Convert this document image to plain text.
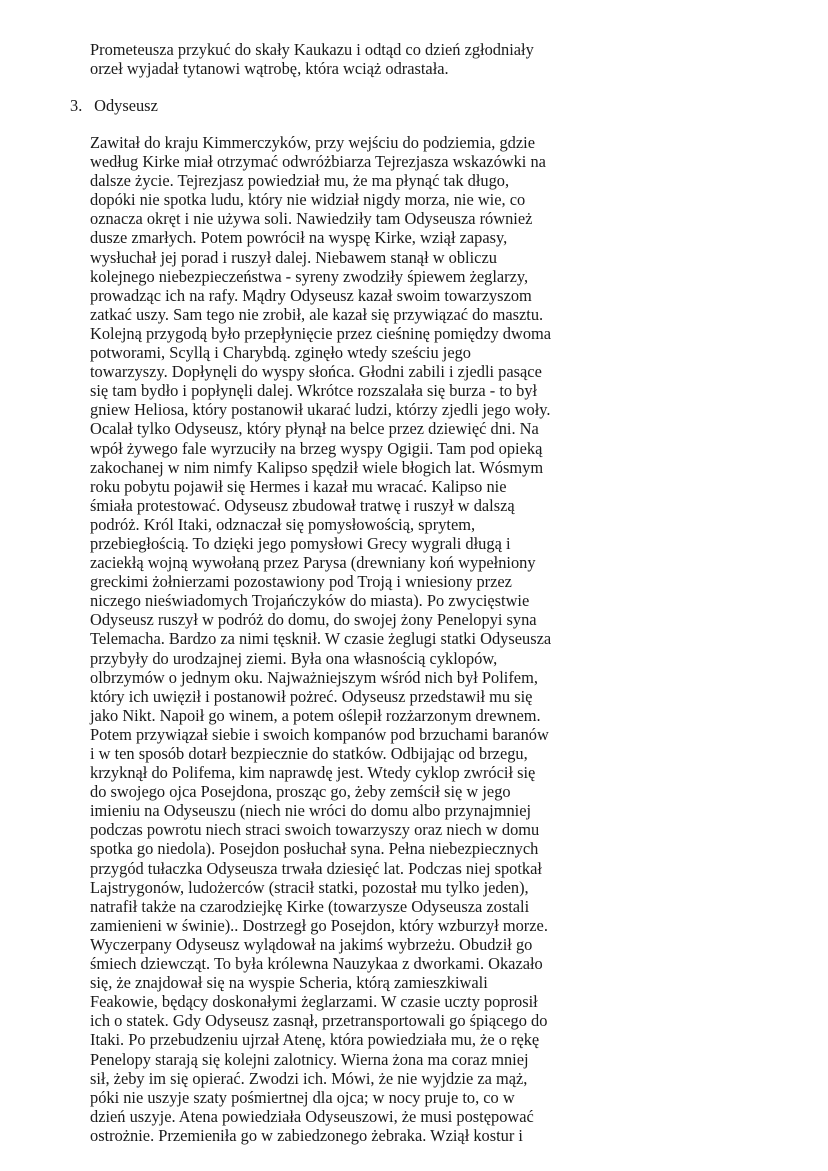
Prometeusza przykuć do skały Kaukazu i odtąd co dzień zgłodniały
orzeł wyjadał tytanowi wątrobę, która wciąż odrastała.
3. Odyseusz
Zawitał do kraju Kimmerczyków, przy wejściu do podziemia, gdzie
według Kirke miał otrzymać odwróżbiarza Tejrezjasza wskazówki na
dalsze życie. Tejrezjasz powiedział mu, że ma płynąć tak długo,
dopóki nie spotka ludu, który nie widział nigdy morza, nie wie, co
oznacza okręt i nie używa soli. Nawiedziły tam Odyseusza również
dusze zmarłych. Potem powrócił na wyspę Kirke, wziął zapasy,
wysłuchał jej porad i ruszył dalej. Niebawem stanął w obliczu
kolejnego niebezpieczeństwa - syreny zwodziły śpiewem żeglarzy,
prowadząc ich na rafy. Mądry Odyseusz kazał swoim towarzyszom
zatkać uszy. Sam tego nie zrobił, ale kazał się przywiązać do masztu.
Kolejną przygodą było przepłynięcie przez cieśninę pomiędzy dwoma
potworami, Scyllą i Charybdą. zginęło wtedy sześciu jego
towarzyszy. Dopłynęli do wyspy słońca. Głodni zabili i zjedli pasące
się tam bydło i popłynęli dalej. Wkrótce rozszalała się burza - to był
gniew Heliosa, który postanowił ukarać ludzi, którzy zjedli jego woły.
Ocalał tylko Odyseusz, który płynął na belce przez dziewięć dni. Na
wpół żywego fale wyrzuciły na brzeg wyspy Ogigii. Tam pod opieką
zakochanej w nim nimfy Kalipso spędził wiele błogich lat. Wósmym
roku pobytu pojawił się Hermes i kazał mu wracać. Kalipso nie
śmiała protestować. Odyseusz zbudował tratwę i ruszył w dalszą
podróż. Król Itaki, odznaczał się pomysłowością, sprytem,
przebiegłością. To dzięki jego pomysłowi Grecy wygrali długą i
zaciekłą wojną wywołaną przez Parysa (drewniany koń wypełniony
greckimi żołnierzami pozostawiony pod Troją i wniesiony przez
niczego nieświadomych Trojańczyków do miasta). Po zwycięstwie
Odyseusz ruszył w podróż do domu, do swojej żony Penelopyi syna
Telemacha. Bardzo za nimi tęsknił. W czasie żeglugi statki Odyseusza
przybyły do urodzajnej ziemi. Była ona własnością cyklopów,
olbrzymów o jednym oku. Najważniejszym wśród nich był Polifem,
który ich uwięził i postanowił pożreć. Odyseusz przedstawił mu się
jako Nikt. Napoił go winem, a potem oślepił rozżarzonym drewnem.
Potem przywiązał siebie i swoich kompanów pod brzuchami baranów
i w ten sposób dotarł bezpiecznie do statków. Odbijając od brzegu,
krzyknął do Polifema, kim naprawdę jest. Wtedy cyklop zwrócił się
do swojego ojca Posejdona, prosząc go, żeby zemścił się w jego
imieniu na Odyseuszu (niech nie wróci do domu albo przynajmniej
podczas powrotu niech straci swoich towarzyszy oraz niech w domu
spotka go niedola). Posejdon posłuchał syna. Pełna niebezpiecznych
przygód tułaczka Odyseusza trwała dziesięć lat. Podczas niej spotkał
Lajstrygonów, ludożerców (stracił statki, pozostał mu tylko jeden),
natrafił także na czarodziejkę Kirke (towarzysze Odyseusza zostali
zamienieni w świnie).. Dostrzegł go Posejdon, który wzburzył morze.
Wyczerpany Odyseusz wylądował na jakimś wybrzeżu. Obudził go
śmiech dziewcząt. To była królewna Nauzykaa z dworkami. Okazało
się, że znajdował się na wyspie Scheria, którą zamieszkiwali
Feakowie, będący doskonałymi żeglarzami. W czasie uczty poprosił
ich o statek. Gdy Odyseusz zasnął, przetransportowali go śpiącego do
Itaki. Po przebudzeniu ujrzał Atenę, która powiedziała mu, że o rękę
Penelopy starają się kolejni zalotnicy. Wierna żona ma coraz mniej
sił, żeby im się opierać. Zwodzi ich. Mówi, że nie wyjdzie za mąż,
póki nie uszyje szaty pośmiertnej dla ojca; w nocy pruje to, co w
dzień uszyje. Atena powiedziała Odyseuszowi, że musi postępować
ostrożnie. Przemieniła go w zabiedzonego żebraka. Wziął kostur i
